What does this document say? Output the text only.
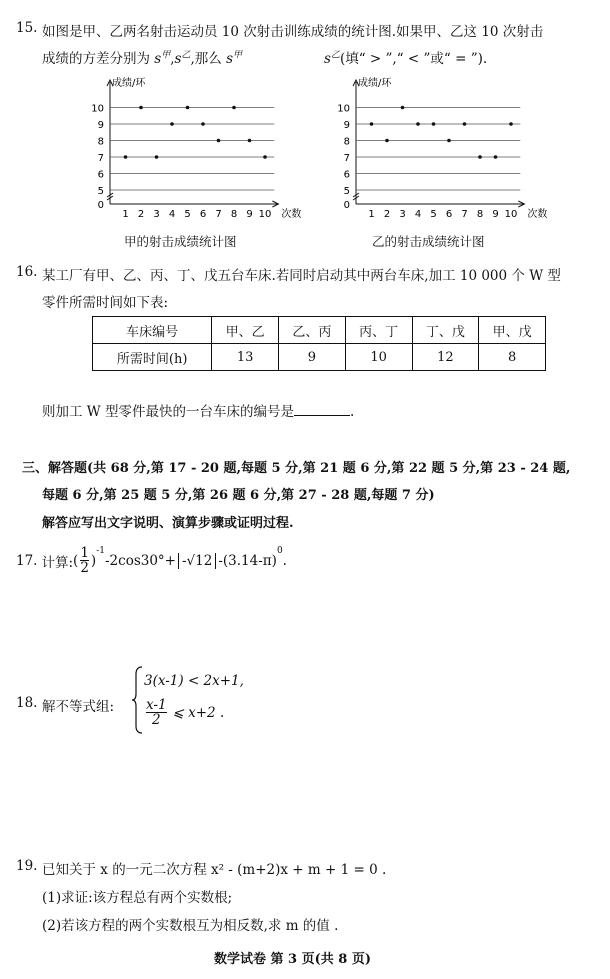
15. 如图是甲、乙两名射击运动员 10 次射击训练成绩的统计图.如果甲、乙这 10 次射击
成绩的方差分别为 $s^甲,s^乙$,那么 $s^甲$	$s^乙$(填“ > ”,“ < ”或“ = ”).
0
5
6
7
8
9
10
1 2 3 4 5 6 7 8 9 10
成绩/环
次数
0
5
6
7
8
9
10
1 2 3 4 5 6 7 8 9 10
成绩/环
次数
甲的射击成绩统计图	乙的射击成绩统计图
16. 某工厂有甲、乙、丙、丁、戊五台车床.若同时启动其中两台车床,加工 10 000 个 W 型
零件所需时间如下表:
车床编号	甲、乙	乙、丙	丙、丁	丁、戊	甲、戊
所需时间(h)	13	9	10	12	8
则加工 W 型零件最快的一台车床的编号是	.
三、解答题(共 68 分,第 17 - 20 题,每题 5 分,第 21 题 6 分,第 22 题 5 分,第 23 - 24 题,
每题 6 分,第 25 题 5 分,第 26 题 6 分,第 27 - 28 题,每题 7 分)
解答应写出文字说明、演算步骤或证明过程.
17. 计算: ( $\frac{1}{2}$ )
$^{-1}$
-2cos30°+ -√12 -(3.14-π)
$^0$
.
18. 解不等式组:
3(x-1) < 2x+1,
$\frac{x-1}{2}$ ⩽ x+2 .
19. 已知关于 x 的一元二次方程 x² - (m+2)x + m + 1 = 0 .
(1)求证:该方程总有两个实数根;
(2)若该方程的两个实数根互为相反数,求 m 的值 .
数学试卷 第 3 页(共 8 页)
